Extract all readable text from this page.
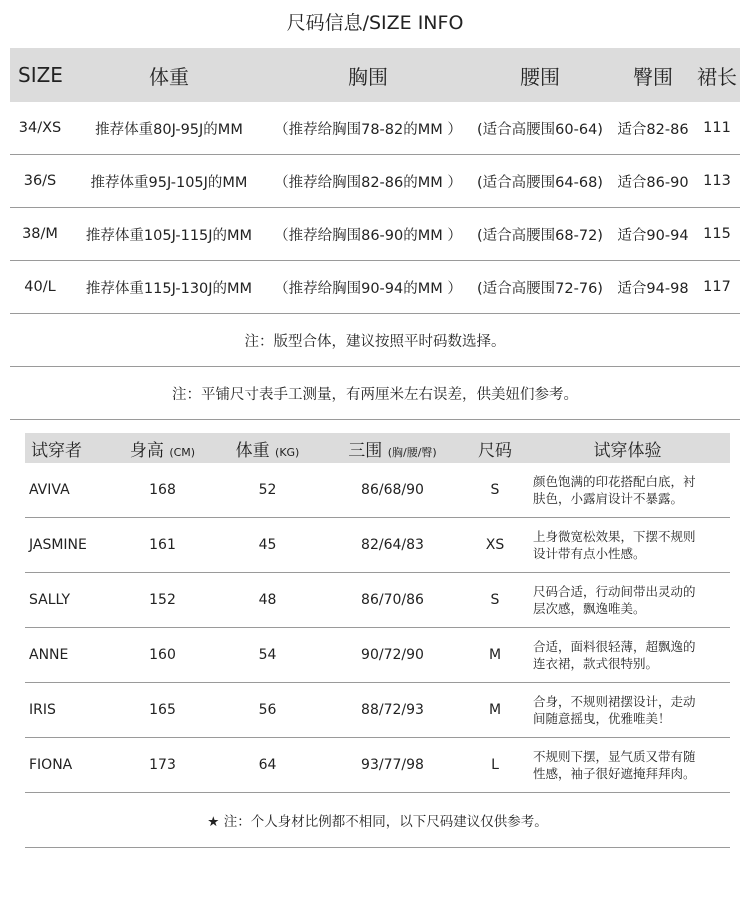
尺码信息/SIZE INFO
SIZE	体重	胸围	腰围	臀围	裙长
34/XS	推荐体重80J-95J的MM	（推荐给胸围78-82的MM ）	(适合高腰围60-64)	适合82-86	111
36/S	推荐体重95J-105J的MM	（推荐给胸围82-86的MM ）	(适合高腰围64-68)	适合86-90	113
38/M	推荐体重105J-115J的MM	（推荐给胸围86-90的MM ）	(适合高腰围68-72)	适合90-94	115
40/L	推荐体重115J-130J的MM	（推荐给胸围90-94的MM ）	(适合高腰围72-76)	适合94-98	117
注：版型合体，建议按照平时码数选择。					
注：平铺尺寸表手工测量，有两厘米左右误差，供美妞们参考。					
试穿者	身高 (CM)	体重 (KG)	三围 (胸/腰/臀)	尺码	试穿体验
AVIVA	168	52	86/68/90	S	颜色饱满的印花搭配白底，衬
肤色，小露肩设计不暴露。

JASMINE	161	45	82/64/83	XS	上身微宽松效果，下摆不规则
设计带有点小性感。

SALLY	152	48	86/70/86	S	尺码合适，行动间带出灵动的
层次感，飘逸唯美。

ANNE	160	54	90/72/90	M	合适，面料很轻薄，超飘逸的
连衣裙，款式很特别。

IRIS	165	56	88/72/93	M	合身，不规则裙摆设计，走动
间随意摇曳，优雅唯美！

FIONA	173	64	93/77/98	L	不规则下摆，显气质又带有随
性感，袖子很好遮掩拜拜肉。

★ 注：个人身材比例都不相同，以下尺码建议仅供参考。					
